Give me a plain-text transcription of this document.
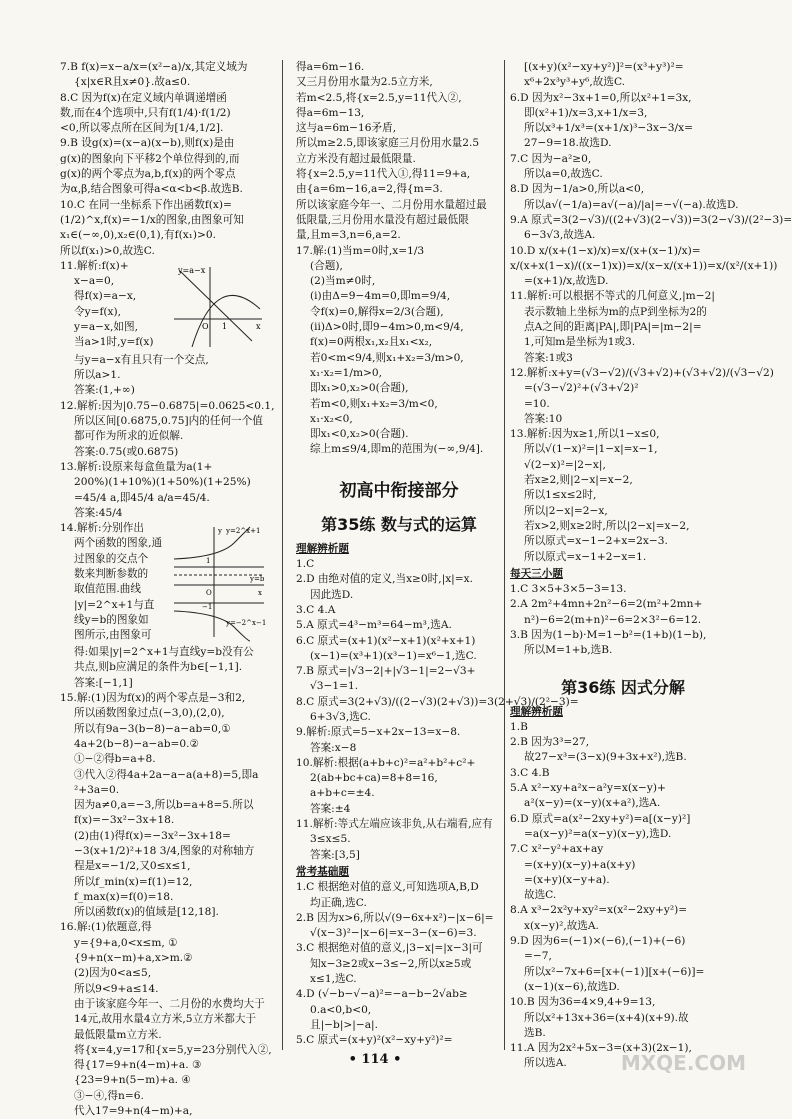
7.B f(x)=x−a/x=(x²−a)/x,其定义域为
{x|x∈R且x≠0}.故a≤0.
8.C 因为f(x)在定义域内单调递增函
数,而在4个选项中,只有f(1/4)·f(1/2)
<0,所以零点所在区间为[1/4,1/2].
9.B 设g(x)=(x−a)(x−b),则f(x)是由
g(x)的图象向下平移2个单位得到的,而
g(x)的两个零点为a,b,f(x)的两个零点
为α,β,结合图象可得a<α<b<β.故选B.
10.C 在同一坐标系下作出函数f(x)=
(1/2)^x,f(x)=−1/x的图象,由图象可知
x₁∈(−∞,0),x₂∈(0,1),有f(x₁)>0.
所以f(x₁)>0,故选C.
11.解析:f(x)+
x−a=0,
得f(x)=a−x,
令y=f(x),
y=a−x,如图,
当a>1时,y=f(x)
y=a−x
x
O 1
与y=a−x有且只有一个交点,
所以a>1.
答案:(1,+∞)
12.解析:因为|0.75−0.6875|=0.0625<0.1,
所以区间[0.6875,0.75]内的任何一个值
都可作为所求的近似解.
答案:0.75(或0.6875)
13.解析:设原来每盒鱼量为a(1+
200%)(1+10%)(1+50%)(1+25%)
=45/4 a,即45/4 a/a=45/4.
答案:45/4
14.解析:分别作出
两个函数的图象,通
过图象的交点个
数来判断参数的
取值范围.曲线
|y|=2^x+1与直
线y=b的图象如
图所示,由图象可
y=2^x+1
y=b
y=−2^x−1
1
−1
O	x
y
得:如果|y|=2^x+1与直线y=b没有公
共点,则b应满足的条件为b∈[−1,1].
答案:[−1,1]
15.解:(1)因为f(x)的两个零点是−3和2,
所以函数图象过点(−3,0),(2,0),
所以有9a−3(b−8)−a−ab=0,①
4a+2(b−8)−a−ab=0.②
①−②得b=a+8.
③代入②得4a+2a−a−a(a+8)=5,即a
²+3a=0.
因为a≠0,a=−3,所以b=a+8=5.所以
f(x)=−3x²−3x+18.
(2)由(1)得f(x)=−3x²−3x+18=
−3(x+1/2)²+18 3/4,图象的对称轴方
程是x=−1/2,又0≤x≤1,
所以f_min(x)=f(1)=12,
f_max(x)=f(0)=18.
所以函数f(x)的值域是[12,18].
16.解:(1)依题意,得
y={9+a,0<x≤m, ①
{9+n(x−m)+a,x>m.②
(2)因为0<a≤5,
所以9<9+a≤14.
由于该家庭今年一、二月份的水费均大于
14元,故用水量4立方米,5立方米都大于
最低限量m立方米.
将{x=4,y=17和{x=5,y=23分别代入②,
得{17=9+n(4−m)+a. ③
{23=9+n(5−m)+a. ④
③−④,得n=6.
代入17=9+n(4−m)+a,
得a=6m−16.
又三月份用水量为2.5立方米,
若m<2.5,将{x=2.5,y=11代入②,
得a=6m−13,
这与a=6m−16矛盾,
所以m≥2.5,即该家庭三月份用水量2.5
立方米没有超过最低限量.
将{x=2.5,y=11代入①,得11=9+a,
由{a=6m−16,a=2,得{m=3.
所以该家庭今年一、二月份用水量超过最
低限量,三月份用水量没有超过最低限
量,且m=3,n=6,a=2.
17.解:(1)当m=0时,x=1/3
(合题),
(2)当m≠0时,
(i)由Δ=9−4m=0,即m=9/4,
令f(x)=0,解得x=2/3(合题),
(ii)Δ>0时,即9−4m>0,m<9/4,
f(x)=0两根x₁,x₂且x₁<x₂,
若0<m<9/4,则x₁+x₂=3/m>0,
x₁·x₂=1/m>0,
即x₁>0,x₂>0(合题),
若m<0,则x₁+x₂=3/m<0,
x₁·x₂<0,
即x₁<0,x₂>0(合题).
综上m≤9/4,即m的范围为(−∞,9/4].
初高中衔接部分
第35练 数与式的运算
理解辨析题
1.C
2.D 由绝对值的定义,当x≥0时,|x|=x.
因此选D.
3.C 4.A
5.A 原式=4³−m³=64−m³,选A.
6.C 原式=(x+1)(x²−x+1)(x²+x+1)
(x−1)=(x³+1)(x³−1)=x⁶−1,选C.
7.B 原式=|√3−2|+|√3−1|=2−√3+
√3−1=1.
8.C 原式=3(2+√3)/((2−√3)(2+√3))=3(2+√3)/(2²−3)=
6+3√3,选C.
9.解析:原式=5−x+2x−13=x−8.
答案:x−8
10.解析:根据(a+b+c)²=a²+b²+c²+
2(ab+bc+ca)=8+8=16,
a+b+c=±4.
答案:±4
11.解析:等式左端应该非负,从右端看,应有
3≤x≤5.
答案:[3,5]
常考基础题
1.C 根据绝对值的意义,可知选项A,B,D
均正确,选C.
2.B 因为x>6,所以√(9−6x+x²)−|x−6|=
√(x−3)²−|x−6|=x−3−(x−6)=3.
3.C 根据绝对值的意义,|3−x|=|x−3|可
知x−3≥2或x−3≤−2,所以x≥5或
x≤1,选C.
4.D (√−b−√−a)²=−a−b−2√ab≥
0.a<0,b<0,
且|−b|>|−a|.
5.C 原式=(x+y)²(x²−xy+y²)²=
[(x+y)(x²−xy+y²)]²=(x³+y³)²=
x⁶+2x³y³+y⁶,故选C.
6.D 因为x²−3x+1=0,所以x²+1=3x,
即(x²+1)/x=3,x+1/x=3,
所以x³+1/x³=(x+1/x)³−3x−3/x=
27−9=18.故选D.
7.C 因为−a²≥0,
所以a=0,故选C.
8.D 因为−1/a>0,所以a<0,
所以a√(−1/a)=a√(−a)/|a|=−√(−a).故选D.
9.A 原式=3(2−√3)/((2+√3)(2−√3))=3(2−√3)/(2²−3)=
6−3√3,故选A.
10.D x/(x+(1−x)/x)=x/(x+(x−1)/x)=
x/(x+x(1−x)/((x−1)x))=x/(x−x/(x+1))=x/(x²/(x+1))
=(x+1)/x,故选D.
11.解析:可以根据不等式的几何意义,|m−2|
表示数轴上坐标为m的点P到坐标为2的
点A之间的距离|PA|,即|PA|=|m−2|=
1,可知m是坐标为1或3.
答案:1或3
12.解析:x+y=(√3−√2)/(√3+√2)+(√3+√2)/(√3−√2)
=(√3−√2)²+(√3+√2)²
=10.
答案:10
13.解析:因为x≥1,所以1−x≤0,
所以√(1−x)²=|1−x|=x−1,
√(2−x)²=|2−x|,
若x≥2,则|2−x|=x−2,
所以1≤x≤2时,
所以|2−x|=2−x,
若x>2,则x≥2时,所以|2−x|=x−2,
所以原式=x−1−2+x=2x−3.
所以原式=x−1+2−x=1.
每天三小题
1.C 3×5+3×5−3=13.
2.A 2m²+4mn+2n²−6=2(m²+2mn+
n²)−6=2(m+n)²−6=2×3²−6=12.
3.B 因为(1−b)·M=1−b²=(1+b)(1−b),
所以M=1+b,选B.
第36练 因式分解
理解辨析题
1.B
2.B 因为3³=27,
故27−x³=(3−x)(9+3x+x²),选B.
3.C 4.B
5.A x²−xy+a²x−a²y=x(x−y)+
a²(x−y)=(x−y)(x+a²),选A.
6.D 原式=a(x²−2xy+y²)=a[(x−y)²]
=a(x−y)²=a(x−y)(x−y),选D.
7.C x²−y²+ax+ay
=(x+y)(x−y)+a(x+y)
=(x+y)(x−y+a).
故选C.
8.A x³−2x²y+xy²=x(x²−2xy+y²)=
x(x−y)²,故选A.
9.D 因为6=(−1)×(−6),(−1)+(−6)
=−7,
所以x²−7x+6=[x+(−1)][x+(−6)]=
(x−1)(x−6),故选D.
10.B 因为36=4×9,4+9=13,
所以x²+13x+36=(x+4)(x+9).故
选B.
11.A 因为2x²+5x−3=(x+3)(2x−1),
所以选A.
• 114 •	MXQE.COM
